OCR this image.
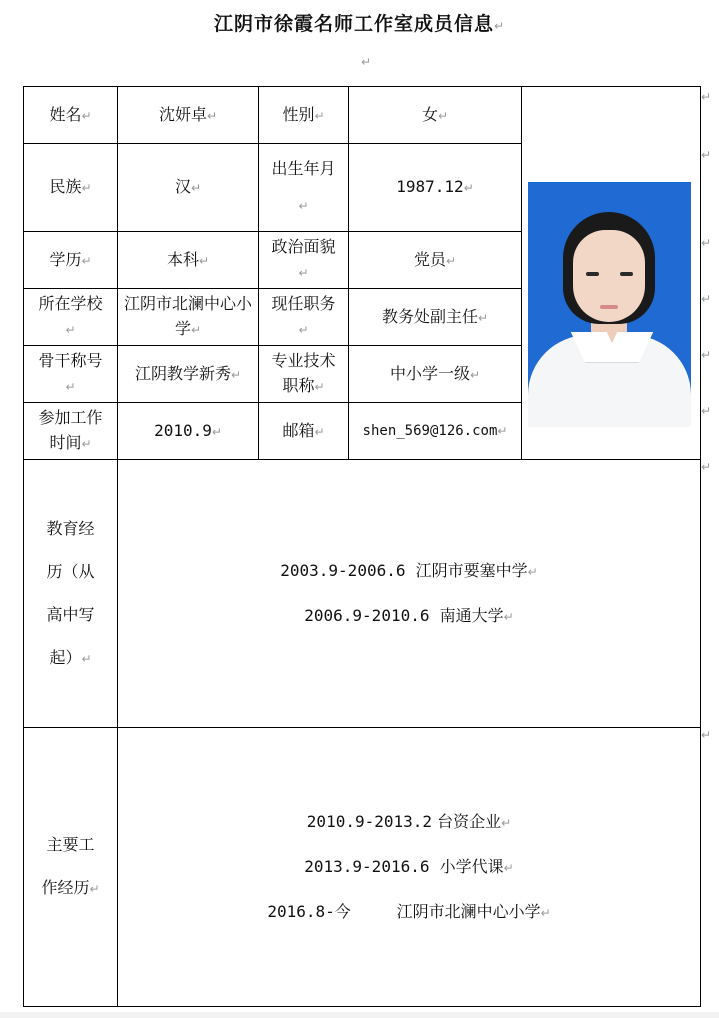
江阴市徐霞名师工作室成员信息↵
↵
↵
↵
↵
↵
↵
↵
↵
↵
姓名↵	沈妍卓↵	性别↵	女↵	

民族↵	汉↵	出生年月↵	1987.12↵	
学历↵	本科↵	政治面貌↵	党员↵	
所在学校↵	江阴市北澜中心小学↵	现任职务↵	教务处副主任↵	
骨干称号↵	江阴教学新秀↵	专业技术职称↵	中小学一级↵	
参加工作时间↵	2010.9↵	邮箱↵	shen_569@126.com↵	
教育经历（从高中写起）↵	2003.9-2006.6 江阴市要塞中学↵
2006.9-2010.6 南通大学↵			

主要工作经历↵	2010.9-2013.2 台资企业↵
2013.9-2016.6 小学代课↵
2016.8-今 江阴市北澜中心小学↵			
